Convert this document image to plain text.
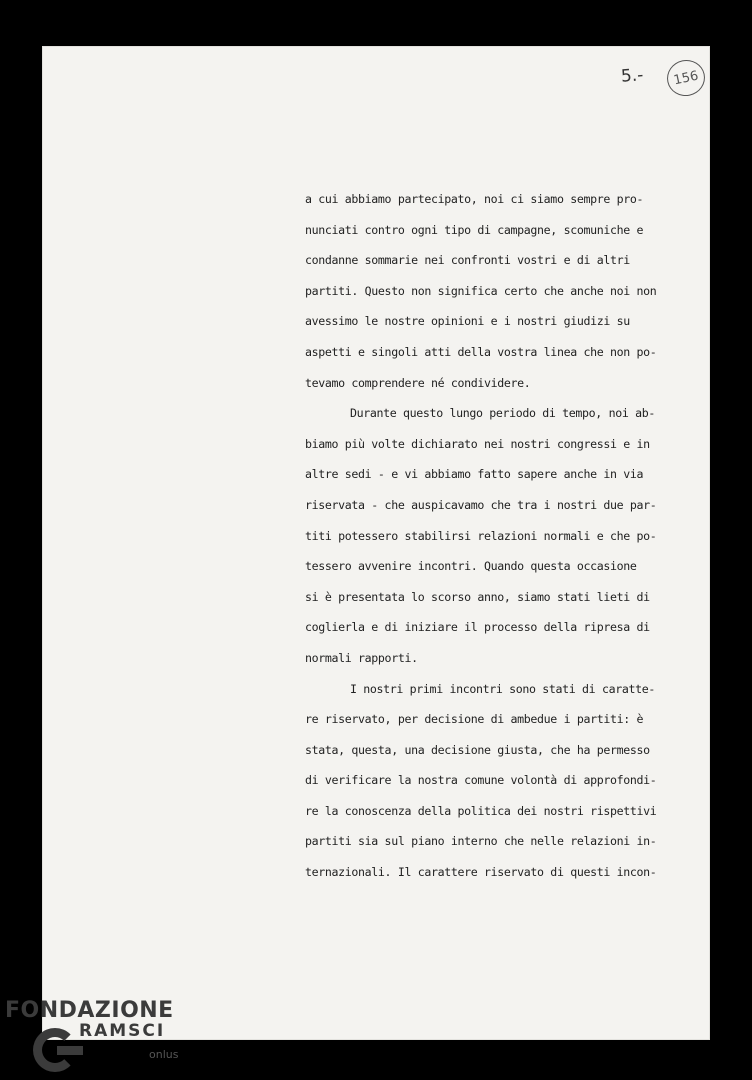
5.-	156
a cui abbiamo partecipato, noi ci siamo sempre pro-
nunciati contro ogni tipo di campagne, scomuniche e
condanne sommarie nei confronti vostri e di altri
partiti. Questo non significa certo che anche noi non
avessimo le nostre opinioni e i nostri giudizi su
aspetti e singoli atti della vostra linea che non po-
tevamo comprendere né condividere.
Durante questo lungo periodo di tempo, noi ab-
biamo più volte dichiarato nei nostri congressi e in
altre sedi - e vi abbiamo fatto sapere anche in via
riservata - che auspicavamo che tra i nostri due par-
titi potessero stabilirsi relazioni normali e che po-
tessero avvenire incontri. Quando questa occasione
si è presentata lo scorso anno, siamo stati lieti di
coglierla e di iniziare il processo della ripresa di
normali rapporti.
I nostri primi incontri sono stati di caratte-
re riservato, per decisione di ambedue i partiti: è
stata, questa, una decisione giusta, che ha permesso
di verificare la nostra comune volontà di approfondi-
re la conoscenza della politica dei nostri rispettivi
partiti sia sul piano interno che nelle relazioni in-
ternazionali. Il carattere riservato di questi incon-
FONDAZIONE
RAMSCI
onlus
